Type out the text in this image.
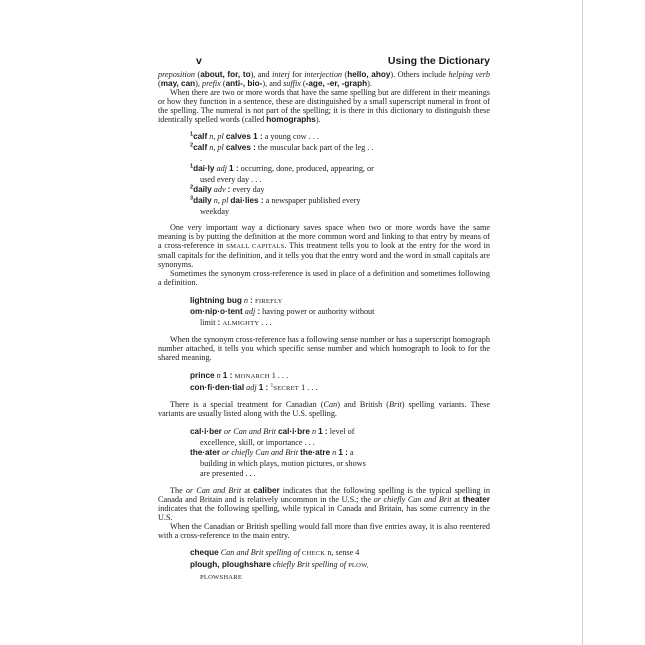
v	Using the Dictionary

preposition (about, for, to), and interj for interjection (hello, ahoy). Others include helping verb (may, can), prefix (anti-, bio-), and suffix (-age, -er, -graph).

When there are two or more words that have the same spelling but are different in their meanings or how they function in a sentence, these are distinguished by a small superscript numeral in front of the spelling. The numeral is not part of the spelling; it is there in this dictionary to distinguish these identically spelled words (called homographs).

$^1$calf n, pl calves 1 : a young cow . . .
$^2$calf n, pl calves : the muscular back part of the leg . . .
$^1$dai·ly adj 1 : occurring, done, produced, appearing, or used every day . . .
$^2$daily adv : every day
$^3$daily n, pl dai·lies : a newspaper published every weekday

One very important way a dictionary saves space when two or more words have the same meaning is by putting the definition at the more common word and linking to that entry by means of a cross-reference in SMALL CAPITALS. This treatment tells you to look at the entry for the word in small capitals for the definition, and it tells you that the entry word and the word in small capitals are synonyms.

Sometimes the synonym cross-reference is used in place of a definition and sometimes following a definition.

lightning bug n : FIREFLY
om·nip·o·tent adj : having power or authority without limit : ALMIGHTY . . .

When the synonym cross-reference has a following sense number or has a superscript homograph number attached, it tells you which specific sense number and which homograph to look to for the shared meaning.

prince n 1 : MONARCH 1 . . .
con·fi·den·tial adj 1 : $^1$SECRET 1 . . .

There is a special treatment for Canadian (Can) and British (Brit) spelling variants. These variants are usually listed along with the U.S. spelling.

cal·i·ber or Can and Brit cal·i·bre n 1 : level of excellence, skill, or importance . . .
the·ater or chiefly Can and Brit the·atre n 1 : a building in which plays, motion pictures, or shows are presented . . .

The or Can and Brit at caliber indicates that the following spelling is the typical spelling in Canada and Britain and is relatively uncommon in the U.S.; the or chiefly Can and Brit at theater indicates that the following spelling, while typical in Canada and Britain, has some currency in the U.S.

When the Canadian or British spelling would fall more than five entries away, it is also reentered with a cross-reference to the main entry.

cheque Can and Brit spelling of CHECK n, sense 4
plough, ploughshare chiefly Brit spelling of PLOW, PLOWSHARE
